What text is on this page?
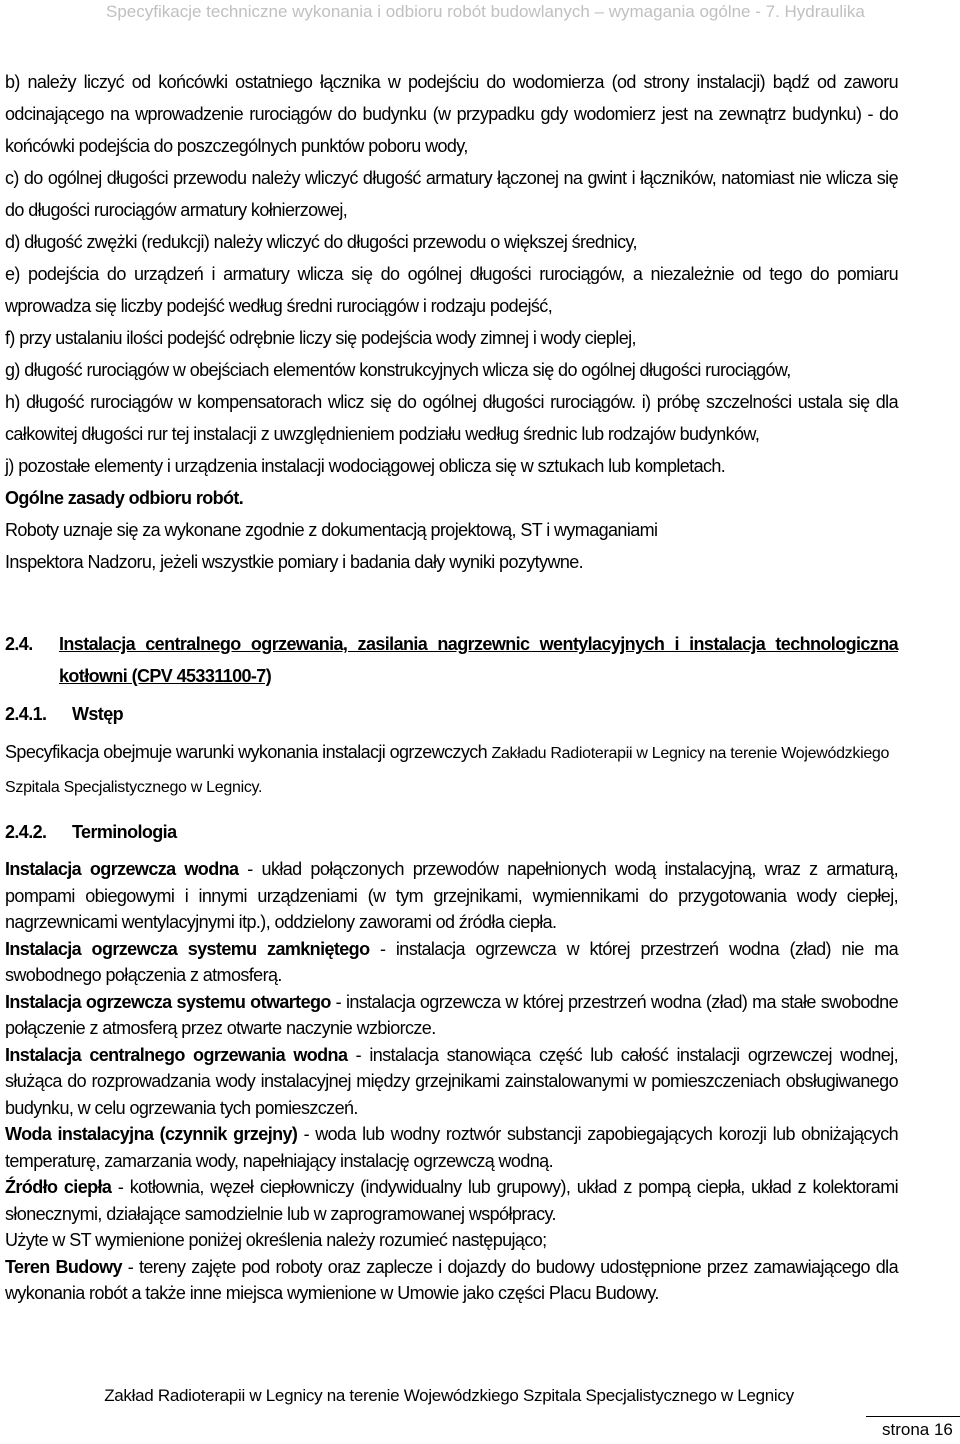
Specyfikacje techniczne wykonania i odbioru robót budowlanych – wymagania ogólne - 7. Hydraulika

b) należy liczyć od końcówki ostatniego łącznika w podejściu do wodomierza (od strony instalacji) bądź od zaworu odcinającego na wprowadzenie rurociągów do budynku (w przypadku gdy wodomierz jest na zewnątrz budynku) - do końcówki podejścia do poszczególnych punktów poboru wody,

c) do ogólnej długości przewodu należy wliczyć długość armatury łączonej na gwint i łączników, natomiast nie wlicza się do długości rurociągów armatury kołnierzowej,

d) długość zwężki (redukcji) należy wliczyć do długości przewodu o większej średnicy,

e) podejścia do urządzeń i armatury wlicza się do ogólnej długości rurociągów, a niezależnie od tego do pomiaru wprowadza się liczby podejść według średni rurociągów i rodzaju podejść,

f) przy ustalaniu ilości podejść odrębnie liczy się podejścia wody zimnej i wody cieplej,

g) długość rurociągów w obejściach elementów konstrukcyjnych wlicza się do ogólnej długości rurociągów,

h) długość rurociągów w kompensatorach wlicz się do ogólnej długości rurociągów. i) próbę szczelności ustala się dla całkowitej długości rur tej instalacji z uwzględnieniem podziału według średnic lub rodzajów budynków,

j) pozostałe elementy i urządzenia instalacji wodociągowej oblicza się w sztukach lub kompletach.

Ogólne zasady odbioru robót.

Roboty uznaje się za wykonane zgodnie z dokumentacją projektową, ST i wymaganiami

Inspektora Nadzoru, jeżeli wszystkie pomiary i badania dały wyniki pozytywne.

2.4.	Instalacja centralnego ogrzewania, zasilania nagrzewnic wentylacyjnych i instalacja technologiczna kotłowni (CPV 45331100-7)
2.4.1.	Wstęp

Specyfikacja obejmuje warunki wykonania instalacji ogrzewczych Zakładu Radioterapii w Legnicy na terenie Wojewódzkiego Szpitala Specjalistycznego w Legnicy.

2.4.2.	Terminologia

Instalacja ogrzewcza wodna - układ połączonych przewodów napełnionych wodą instalacyjną, wraz z armaturą, pompami obiegowymi i innymi urządzeniami (w tym grzejnikami, wymiennikami do przygotowania wody ciepłej, nagrzewnicami wentylacyjnymi itp.), oddzielony zaworami od źródła ciepła.

Instalacja ogrzewcza systemu zamkniętego - instalacja ogrzewcza w której przestrzeń wodna (zład) nie ma swobodnego połączenia z atmosferą.

Instalacja ogrzewcza systemu otwartego - instalacja ogrzewcza w której przestrzeń wodna (zład) ma stałe swobodne połączenie z atmosferą przez otwarte naczynie wzbiorcze.

Instalacja centralnego ogrzewania wodna - instalacja stanowiąca część lub całość instalacji ogrzewczej wodnej, służąca do rozprowadzania wody instalacyjnej między grzejnikami zainstalowanymi w pomieszczeniach obsługiwanego budynku, w celu ogrzewania tych pomieszczeń.

Woda instalacyjna (czynnik grzejny) - woda lub wodny roztwór substancji zapobiegających korozji lub obniżających temperaturę, zamarzania wody, napełniający instalację ogrzewczą wodną.

Źródło ciepła - kotłownia, węzeł ciepłowniczy (indywidualny lub grupowy), układ z pompą ciepła, układ z kolektorami słonecznymi, działające samodzielnie lub w zaprogramowanej współpracy.

Użyte w ST wymienione poniżej określenia należy rozumieć następująco;

Teren Budowy - tereny zajęte pod roboty oraz zaplecze i dojazdy do budowy udostępnione przez zamawiającego dla wykonania robót a także inne miejsca wymienione w Umowie jako części Placu Budowy.

Zakład Radioterapii w Legnicy na terenie Wojewódzkiego Szpitala Specjalistycznego w Legnicy
strona 16
